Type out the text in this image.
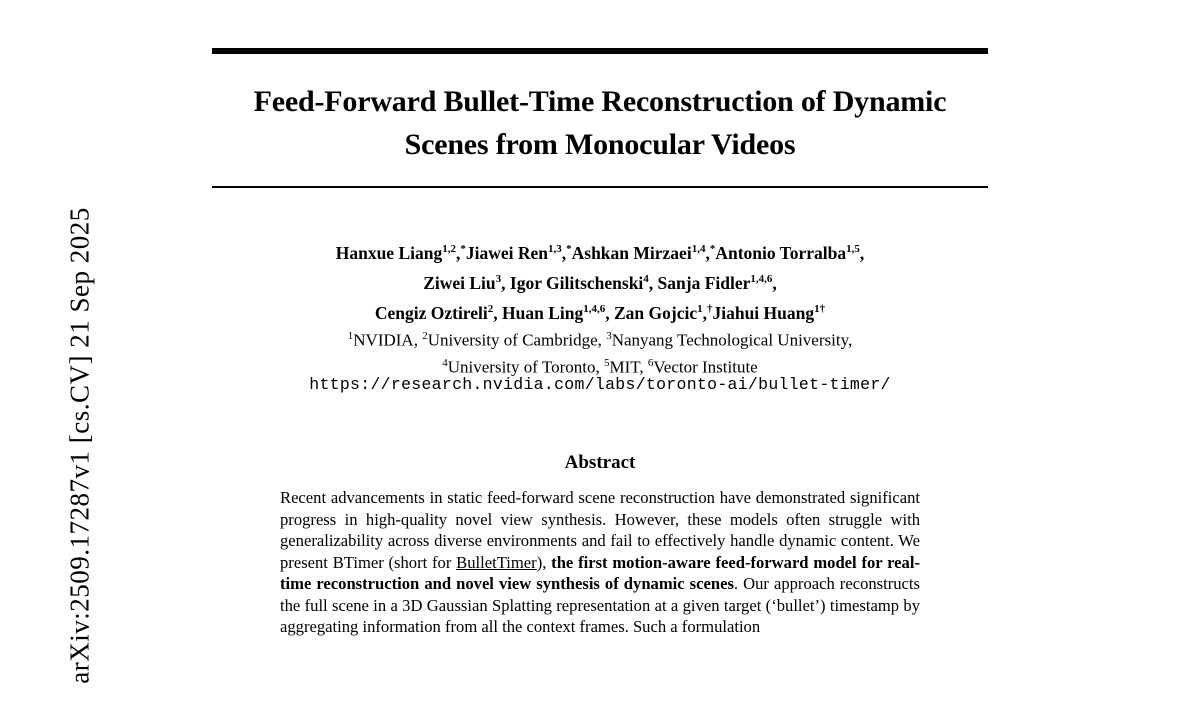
arXiv:2509.17287v1 [cs.CV] 21 Sep 2025
Feed-Forward Bullet-Time Reconstruction of Dynamic Scenes from Monocular Videos
Hanxue Liang$^{1,2}$,*Jiawei Ren$^{1,3}$,*Ashkan Mirzaei$^{1,4}$,*Antonio Torralba$^{1,5}$,
Ziwei Liu$^3$, Igor Gilitschenski$^4$, Sanja Fidler$^{1,4,6}$,
Cengiz Oztireli$^2$, Huan Ling$^{1,4,6}$, Zan Gojcic$^1$,†Jiahui Huang$^{1\dagger}$
$^1$NVIDIA, $^2$University of Cambridge, $^3$Nanyang Technological University,
$^4$University of Toronto, $^5$MIT, $^6$Vector Institute
https://research.nvidia.com/labs/toronto-ai/bullet-timer/
Abstract
Recent advancements in static feed-forward scene reconstruction have demonstrated significant progress in high-quality novel view synthesis. However, these models often struggle with generalizability across diverse environments and fail to effectively handle dynamic content. We present BTimer (short for BulletTimer), the first motion-aware feed-forward model for real-time reconstruction and novel view synthesis of dynamic scenes. Our approach reconstructs the full scene in a 3D Gaussian Splatting representation at a given target (‘bullet’) timestamp by aggregating information from all the context frames. Such a formulation
